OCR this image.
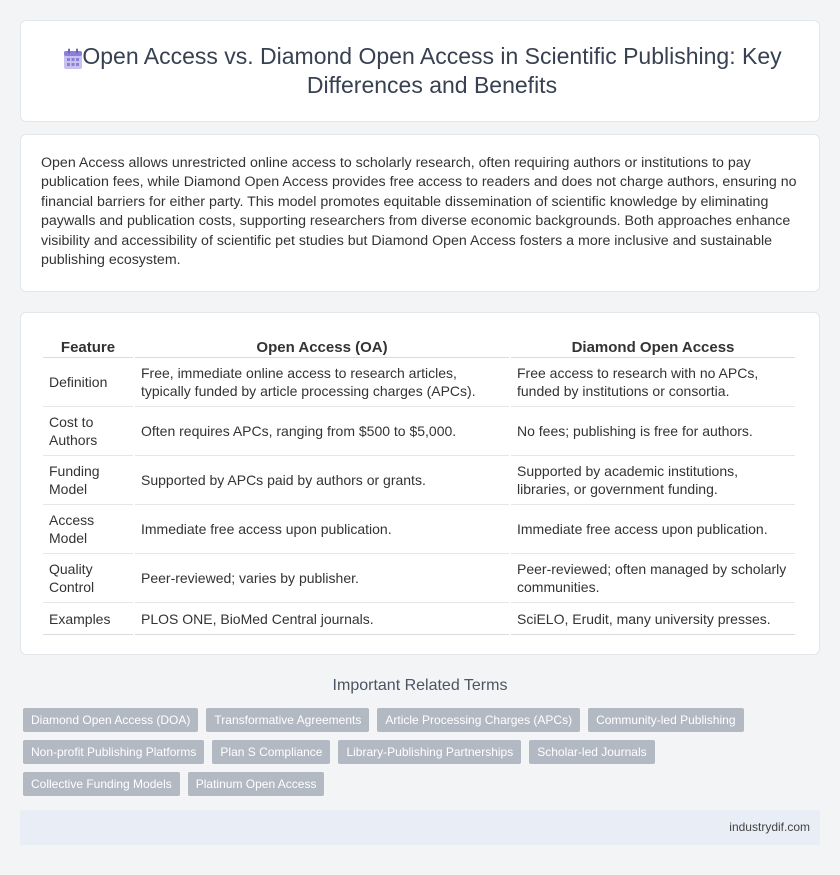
Open Access vs. Diamond Open Access in Scientific Publishing: Key Differences and Benefits

Open Access allows unrestricted online access to scholarly research, often requiring authors or institutions to pay publication fees, while Diamond Open Access provides free access to readers and does not charge authors, ensuring no financial barriers for either party. This model promotes equitable dissemination of scientific knowledge by eliminating paywalls and publication costs, supporting researchers from diverse economic backgrounds. Both approaches enhance visibility and accessibility of scientific pet studies but Diamond Open Access fosters a more inclusive and sustainable publishing ecosystem.

Feature	Open Access (OA)	Diamond Open Access
Definition	Free, immediate online access to research articles, typically funded by article processing charges (APCs).	Free access to research with no APCs, funded by institutions or consortia.
Cost to Authors	Often requires APCs, ranging from $500 to $5,000.	No fees; publishing is free for authors.
Funding Model	Supported by APCs paid by authors or grants.	Supported by academic institutions, libraries, or government funding.
Access Model	Immediate free access upon publication.	Immediate free access upon publication.
Quality Control	Peer-reviewed; varies by publisher.	Peer-reviewed; often managed by scholarly communities.
Examples	PLOS ONE, BioMed Central journals.	SciELO, Erudit, many university presses.
Important Related Terms
Diamond Open Access (DOA)	Transformative Agreements	Article Processing Charges (APCs)	Community-led Publishing
Non-profit Publishing Platforms	Plan S Compliance	Library-Publishing Partnerships	Scholar-led Journals
Collective Funding Models	Platinum Open Access
industrydif.com
